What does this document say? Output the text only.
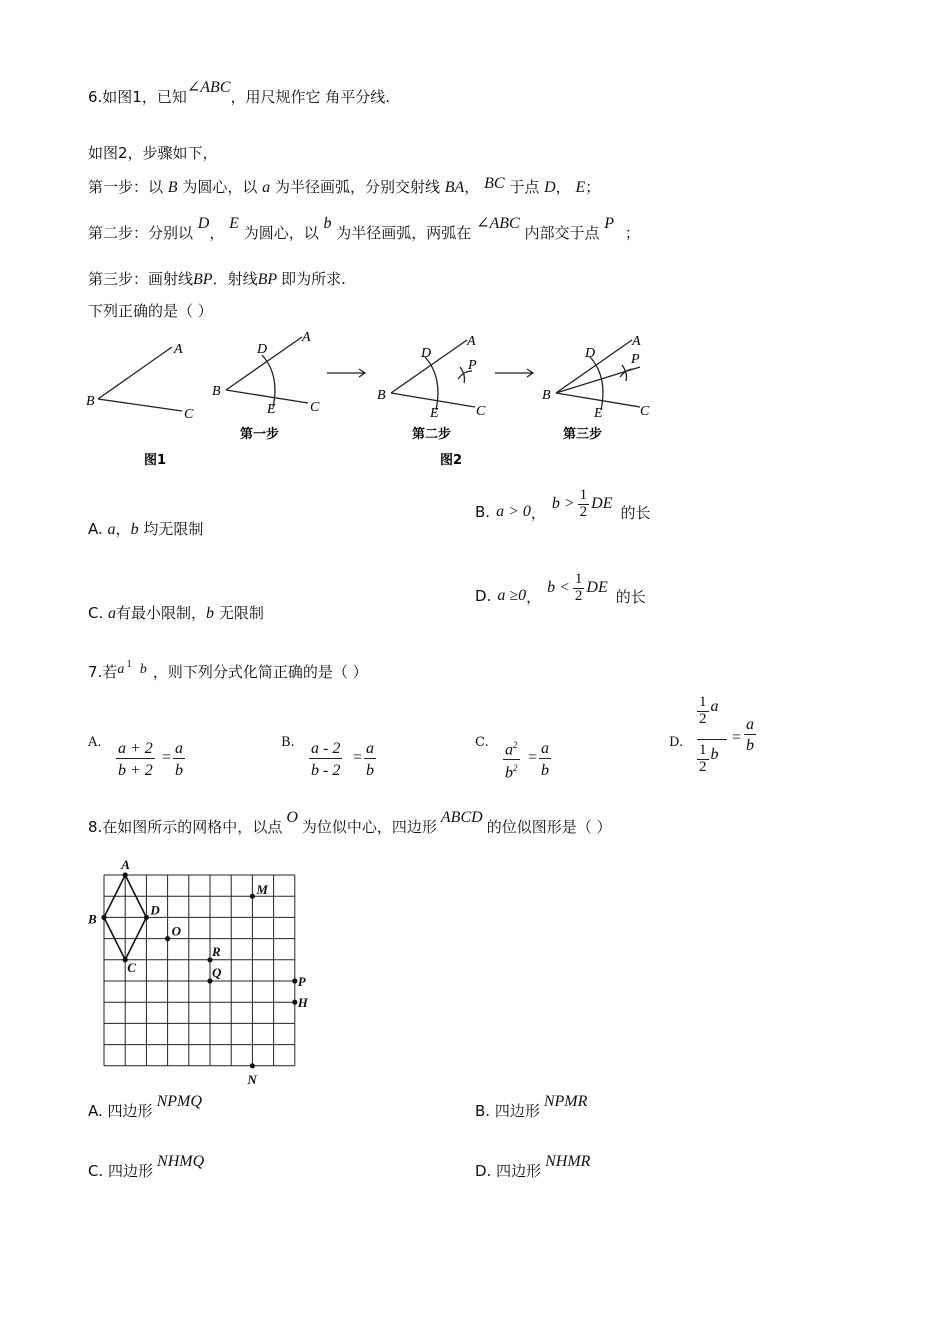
6.如图1，已知∠ABC，用尺规作它 角平分线.
如图2，步骤如下，
第一步：以 B 为圆心，以 a 为半径画弧，分别交射线 BA， BC 于点 D， E；
第二步：分别以 D， E 为圆心，以 b 为半径画弧，两弧在 ∠ABC 内部交于点 P ；
第三步：画射线BP．射线BP 即为所求.
下列正确的是（ ）
A
B
C
A
B
C
D
E
A
B
C
D
E
P
A
B
C
D
E
P
第一步	第二步	第三步
图1	图2
A. a，b 均无限制
B. a > 0 ， $b > \frac{1}{2}$ DE 的长
C. a有最小限制，b 无限制
D. a ≥0 ， $b < \frac{1}{2}$ DE 的长
7.若a $^1$ b ，则下列分式化简正确的是（ ）
A. $\frac{a + 2}{b + 2} = \frac{a}{b}$	B. $\frac{a - 2}{b - 2} = \frac{a}{b}$	C. $\frac{a^2}{b^2} = \frac{a}{b}$	D.
$\frac{1}{2}$ a
$\frac{1}{2}$ b
= $\frac{a}{b}$
8.在如图所示的网格中，以点O为位似中心，四边形ABCD的位似图形是（ ）
A
B
D
C
O
M
R
Q
P
H
N
A. 四边形NPMQ
B. 四边形NPMR
C. 四边形NHMQ
D. 四边形NHMR
